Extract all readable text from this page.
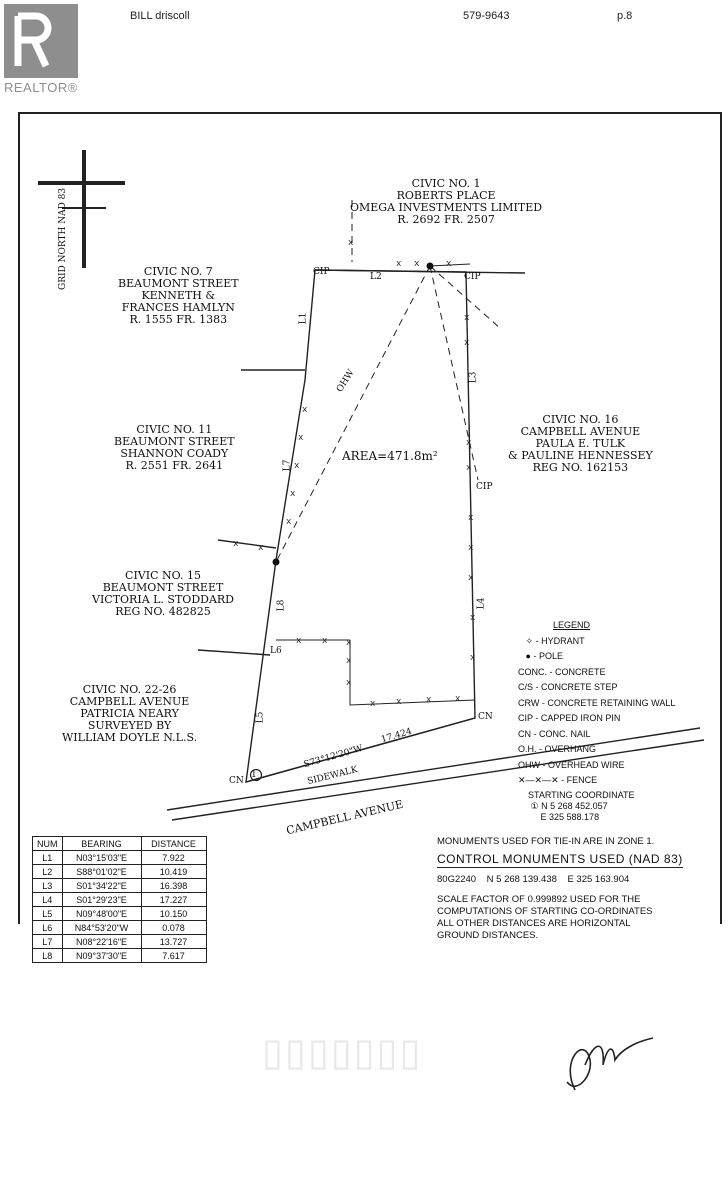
BILL driscoll	579-9643	p.8
REALTOR®
x
x
x
x x
x x	x	x
x
x
x
x
x
x
x
x
x
x
x
x
x
x
x
x x	x
x x
CIVIC NO. 1
ROBERTS PLACE
OMEGA INVESTMENTS LIMITED
R. 2692 FR. 2507
CIVIC NO. 7
BEAUMONT STREET
KENNETH &
FRANCES HAMLYN
R. 1555 FR. 1383
CIVIC NO. 11
BEAUMONT STREET
SHANNON COADY
R. 2551 FR. 2641
CIVIC NO. 16
CAMPBELL AVENUE
PAULA E. TULK
& PAULINE HENNESSEY
REG NO. 162153
CIVIC NO. 15
BEAUMONT STREET
VICTORIA L. STODDARD
REG NO. 482825
CIVIC NO. 22-26
CAMPBELL AVENUE
PATRICIA NEARY
SURVEYED BY
WILLIAM DOYLE N.L.S.
GRID NORTH NAD 83
AREA=471.8m²
OHW
CIP	CIP
CIP
CN
CN
1
L1
L2
L3
L4
L5
L6
L7
L8
S73°12'20"W
17.424
SIDEWALK
CAMPBELL AVENUE
LEGEND
✧ - HYDRANT
● - POLE
CONC. - CONCRETE
C/S - CONCRETE STEP
CRW - CONCRETE RETAINING WALL
CIP - CAPPED IRON PIN
CN - CONC. NAIL
O.H. - OVERHANG
OHW - OVERHEAD WIRE
✕—✕—✕ - FENCE
STARTING COORDINATE
① N 5 268 452.057
E 325 588.178
NUM	BEARING	DISTANCE
L1	N03°15'03"E	7.922
L2	S88°01'02"E	10.419
L3	S01°34'22"E	16.398
L4	S01°29'23"E	17.227
L5	N09°48'00"E	10.150
L6	N84°53'20"W	0.078
L7	N08°22'16"E	13.727
L8	N09°37'30"E	7.617
MONUMENTS USED FOR TIE-IN ARE IN ZONE 1.
CONTROL MONUMENTS USED (NAD 83)
80G2240    N 5 268 139.438    E 325 163.904
SCALE FACTOR OF 0.999892 USED FOR THE
COMPUTATIONS OF STARTING CO-ORDINATES
ALL OTHER DISTANCES ARE HORIZONTAL
GROUND DISTANCES.
▯▯▯▯▯▯▯
